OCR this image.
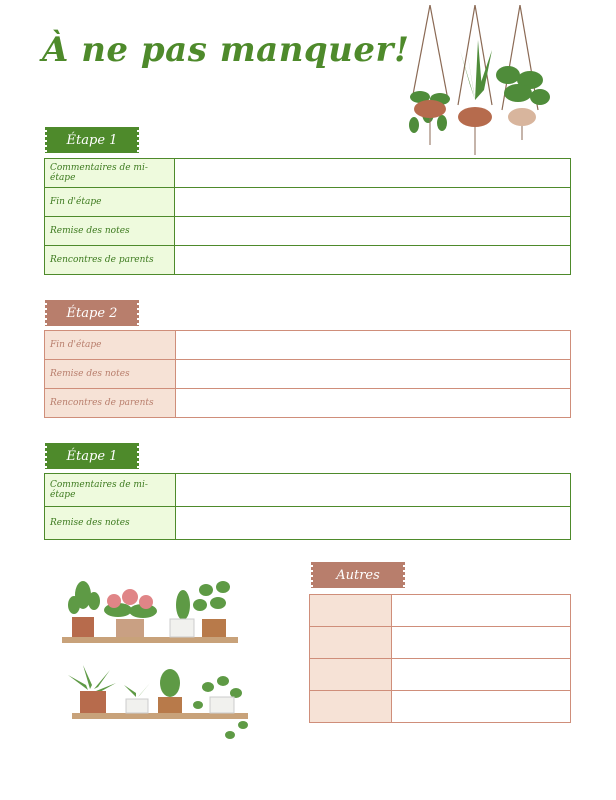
À ne pas manquer!
Étape 1
Commentaires de mi-étape	
Fin d'étape	
Remise des notes	
Rencontres de parents	
Étape 2
Fin d'étape	
Remise des notes	
Rencontres de parents	
Étape 1
Commentaires de mi-étape	
Remise des notes	
Autres
